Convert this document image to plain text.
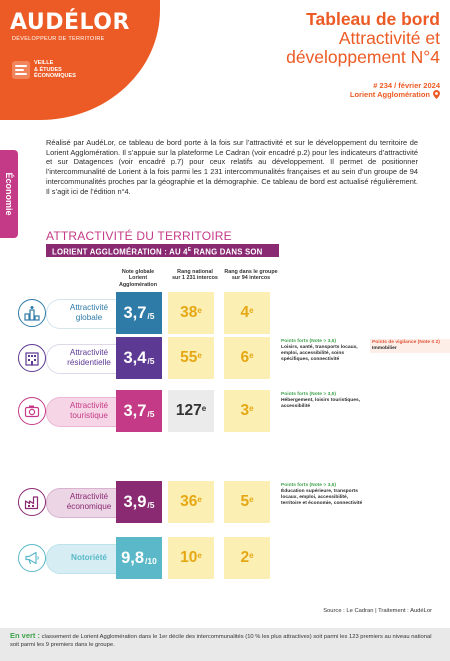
AUDÉLOR
DÉVELOPPEUR DE TERRITOIRE
VEILLE
& ÉTUDES
ÉCONOMIQUES
Tableau de bord
Attractivité et
développement N°4
# 234 / février 2024
Lorient Agglomération
Économie
Réalisé par AudéLor, ce tableau de bord porte à la fois sur l’attractivité et sur le développement du territoire de Lorient Agglomération. Il s’appuie sur la plateforme Le Cadran (voir encadré p.2) pour les indicateurs d’attractivité et sur Datagences (voir encadré p.7) pour ceux relatifs au développement. Il permet de positionner l’intercommunalité de Lorient à la fois parmi les 1 231 intercommunalités françaises et au sein d’un groupe de 94 intercommunalités proches par la géographie et la démographie. Ce tableau de bord est actualisé régulièrement. Il s’agit ici de l’édition n°4.
ATTRACTIVITÉ DU TERRITOIRE
LORIENT AGGLOMÉRATION : AU $4^E$ RANG DANS SON GROUPE
Note globale
Lorient
Agglomération
Rang national
sur 1 231 intercos
Rang dans le groupe
sur 94 intercos
Attractivité
globale	3,7 /5 38 e 4 e
Attractivité
résidentielle 3,4 /5 55 e 6 e
Points forts (Note > 3,5)
Loisirs, santé, transports locaux, emploi, accessibilité, soins spécifiques, connectivité
Points de vigilance (Note ≤ 2)
Immobilier
Attractivité
touristique 3,7 /5 127 e 3 e
Points forts (Note > 3,5)
Hébergement, loisirs touristiques, accessibilité
Attractivité
économique 3,9 /5 36 e 5 e
Points forts (Note > 3,5)
Éducation supérieure, transports locaux, emploi, accessibilité, territoire et économie, connectivité
Notoriété 9,8 /10 10 e 2 e
Source : Le Cadran | Traitement : AudéLor
En vert : classement de Lorient Agglomération dans le 1er décile des intercommunalités (10 % les plus attractives) soit parmi les 123 premiers au niveau national soit parmi les 9 premiers dans le groupe.
